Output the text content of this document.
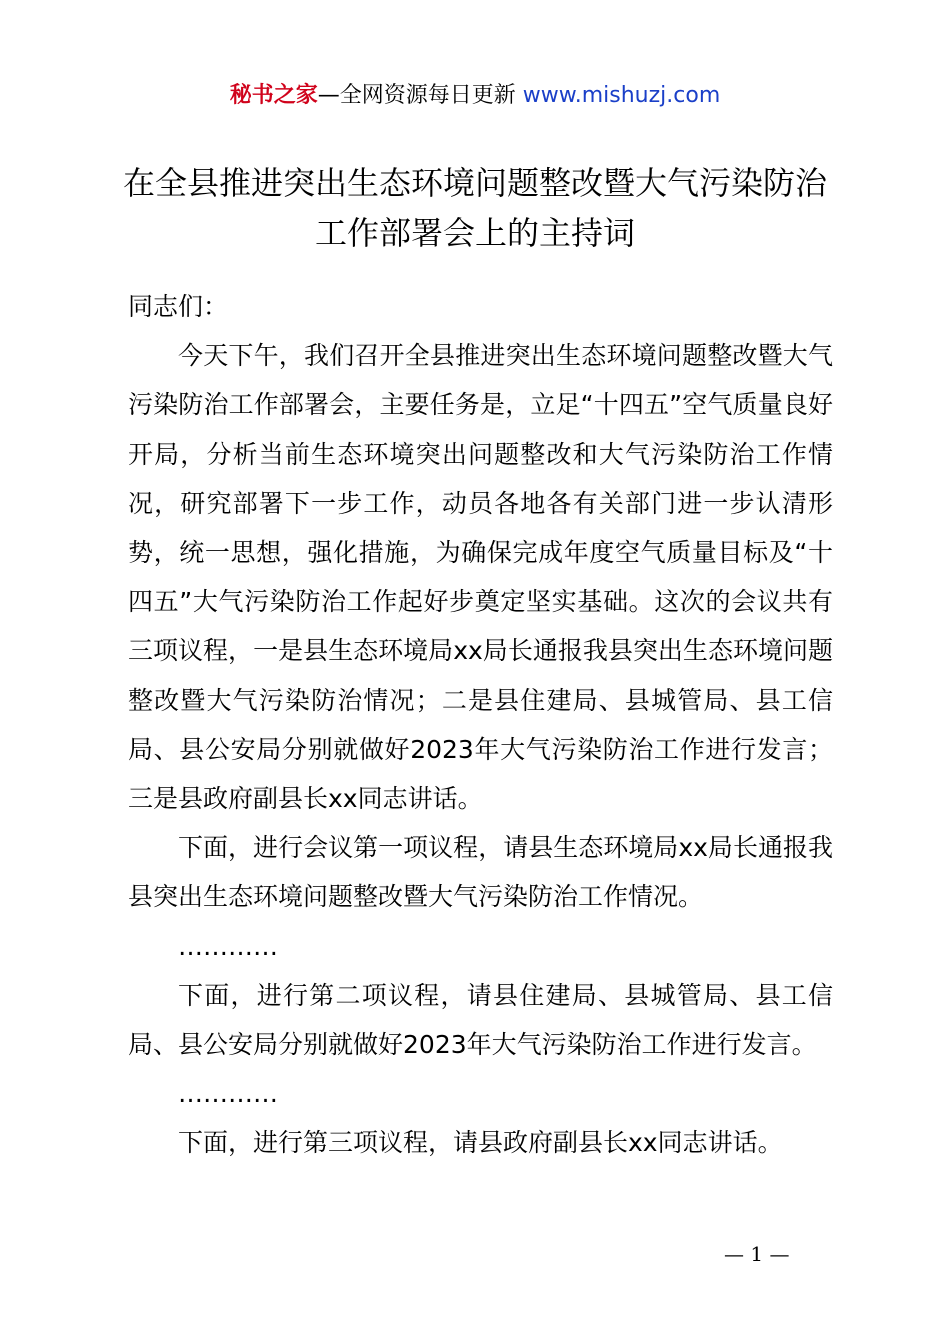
秘书之家—全网资源每日更新 www.mishuzj.com
在全县推进突出生态环境问题整改暨大气污染防治工作部署会上的主持词

同志们：

今天下午，我们召开全县推进突出生态环境问题整改暨大气污染防治工作部署会，主要任务是，立足“十四五”空气质量良好开局，分析当前生态环境突出问题整改和大气污染防治工作情况，研究部署下一步工作，动员各地各有关部门进一步认清形势，统一思想，强化措施，为确保完成年度空气质量目标及“十四五”大气污染防治工作起好步奠定坚实基础。这次的会议共有三项议程，一是县生态环境局xx局长通报我县突出生态环境问题整改暨大气污染防治情况；二是县住建局、县城管局、县工信局、县公安局分别就做好2023年大气污染防治工作进行发言；三是县政府副县长xx同志讲话。

下面，进行会议第一项议程，请县生态环境局xx局长通报我县突出生态环境问题整改暨大气污染防治工作情况。

…………

下面，进行第二项议程，请县住建局、县城管局、县工信局、县公安局分别就做好2023年大气污染防治工作进行发言。

…………

下面，进行第三项议程，请县政府副县长xx同志讲话。

— 1 —
